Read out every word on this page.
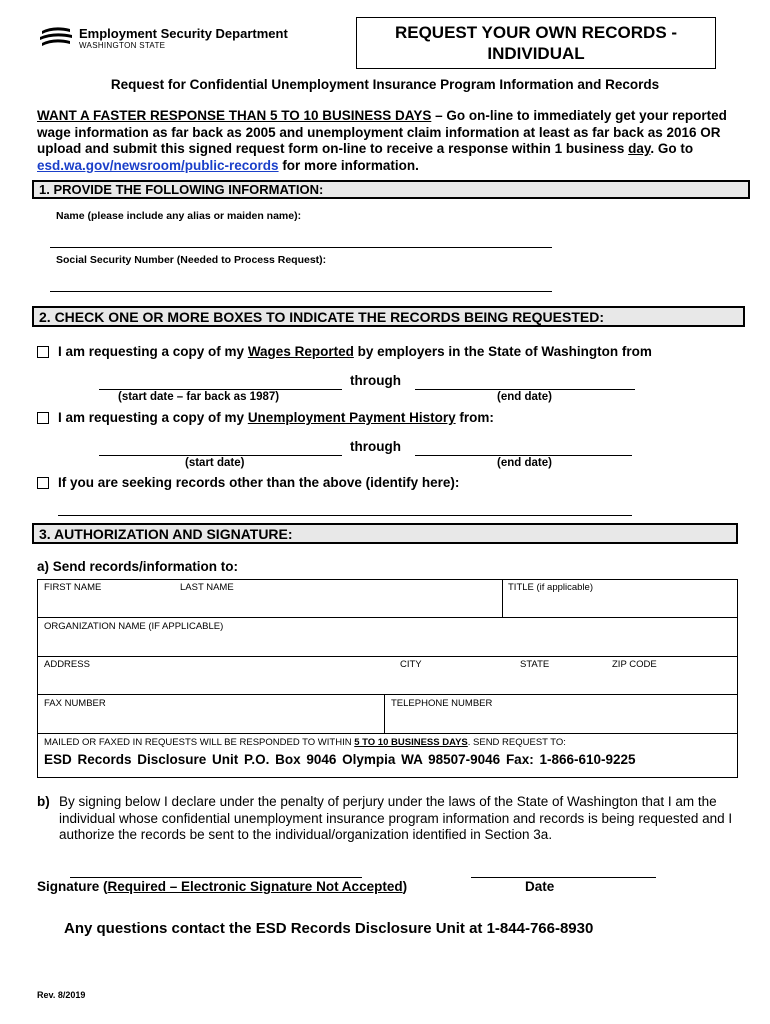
Employment Security Department
WASHINGTON STATE
REQUEST YOUR OWN RECORDS -
INDIVIDUAL
Request for Confidential Unemployment Insurance Program Information and Records
WANT A FASTER RESPONSE THAN 5 TO 10 BUSINESS DAYS – Go on-line to immediately get your reported wage information as far back as 2005 and unemployment claim information at least as far back as 2016 OR upload and submit this signed request form on-line to receive a response within 1 business day. Go to esd.wa.gov/newsroom/public-records for more information.
1. PROVIDE THE FOLLOWING INFORMATION:
Name (please include any alias or maiden name):
Social Security Number (Needed to Process Request):
2. CHECK ONE OR MORE BOXES TO INDICATE THE RECORDS BEING REQUESTED:
I am requesting a copy of my Wages Reported by employers in the State of Washington from
through
(start date – far back as 1987)	(end date)
I am requesting a copy of my Unemployment Payment History from:
through
(start date)	(end date)
If you are seeking records other than the above (identify here):
3. AUTHORIZATION AND SIGNATURE:
a) Send records/information to:
FIRST NAME	LAST NAME	TITLE (if applicable)
ORGANIZATION NAME (IF APPLICABLE)
ADDRESS	CITY	STATE	ZIP CODE
FAX NUMBER	TELEPHONE NUMBER
MAILED OR FAXED IN REQUESTS WILL BE RESPONDED TO WITHIN 5 TO 10 BUSINESS DAYS. SEND REQUEST TO:
ESD Records Disclosure Unit P.O. Box 9046 Olympia WA 98507-9046 Fax: 1-866-610-9225
b) By signing below I declare under the penalty of perjury under the laws of the State of Washington that I am the individual whose confidential unemployment insurance program information and records is being requested and I authorize the records be sent to the individual/organization identified in Section 3a.
Signature (Required – Electronic Signature Not Accepted)	Date
Any questions contact the ESD Records Disclosure Unit at 1-844-766-8930
Rev. 8/2019
